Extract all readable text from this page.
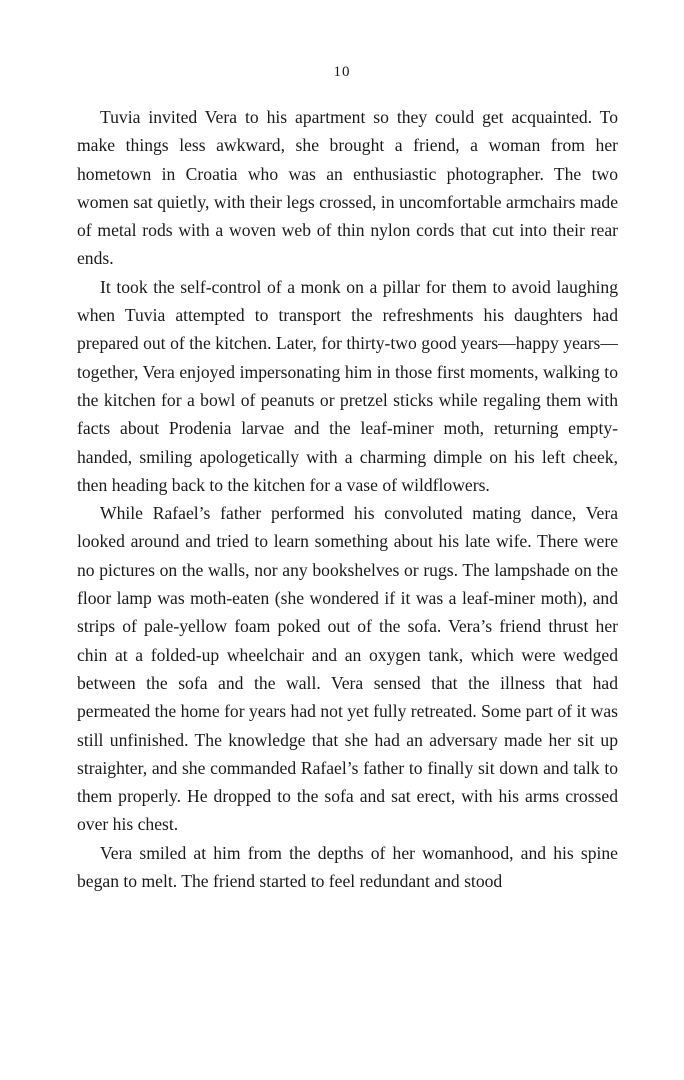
10

Tuvia invited Vera to his apartment so they could get acquainted. To make things less awkward, she brought a friend, a woman from her hometown in Croatia who was an enthusiastic photographer. The two women sat quietly, with their legs crossed, in uncomfortable armchairs made of metal rods with a woven web of thin nylon cords that cut into their rear ends.

It took the self-control of a monk on a pillar for them to avoid laughing when Tuvia attempted to transport the refreshments his daughters had prepared out of the kitchen. Later, for thirty-two good years—happy years—together, Vera enjoyed impersonating him in those first moments, walking to the kitchen for a bowl of peanuts or pretzel sticks while regaling them with facts about Prodenia larvae and the leaf-miner moth, returning empty-handed, smiling apologetically with a charming dimple on his left cheek, then heading back to the kitchen for a vase of wildflowers.

While Rafael’s father performed his convoluted mating dance, Vera looked around and tried to learn something about his late wife. There were no pictures on the walls, nor any bookshelves or rugs. The lampshade on the floor lamp was moth-eaten (she wondered if it was a leaf-miner moth), and strips of pale-yellow foam poked out of the sofa. Vera’s friend thrust her chin at a folded-up wheelchair and an oxygen tank, which were wedged between the sofa and the wall. Vera sensed that the illness that had permeated the home for years had not yet fully retreated. Some part of it was still unfinished. The knowledge that she had an adversary made her sit up straighter, and she commanded Rafael’s father to finally sit down and talk to them properly. He dropped to the sofa and sat erect, with his arms crossed over his chest.

Vera smiled at him from the depths of her womanhood, and his spine began to melt. The friend started to feel redundant and stood
